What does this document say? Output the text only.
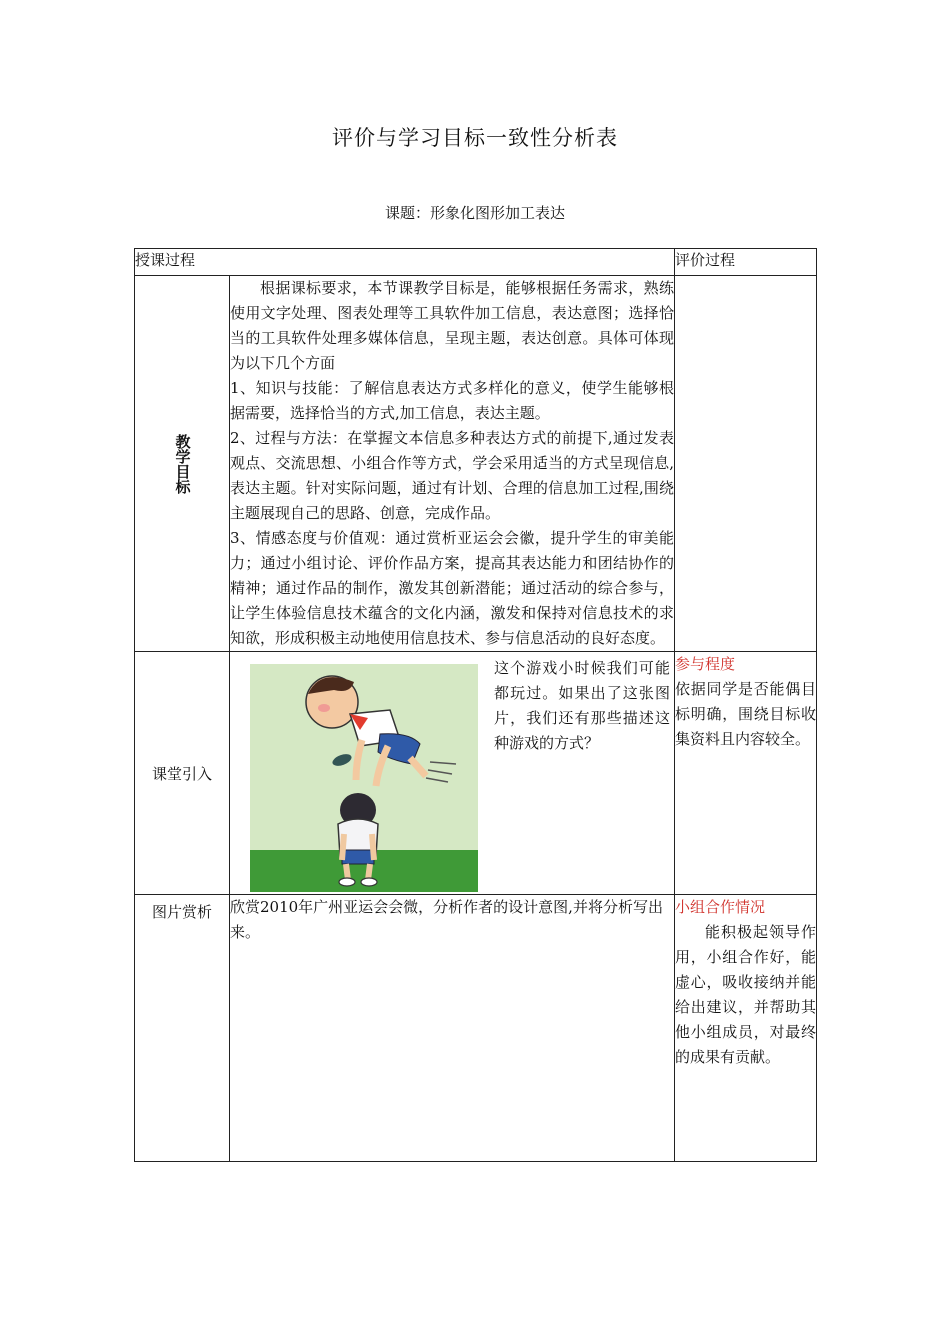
评价与学习目标一致性分析表
课题：形象化图形加工表达
授课过程		评价过程

教学目标	根据课标要求，本节课教学目标是，能够根据任务需求，熟练使用文字处理、图表处理等工具软件加工信息，表达意图；选择恰当的工具软件处理多媒体信息，呈现主题，表达创意。具体可体现为以下几个方面

1、知识与技能：了解信息表达方式多样化的意义，使学生能够根据需要，选择恰当的方式,加工信息，表达主题。

2、过程与方法：在掌握文本信息多种表达方式的前提下,通过发表观点、交流思想、小组合作等方式，学会采用适当的方式呈现信息,表达主题。针对实际问题，通过有计划、合理的信息加工过程,围绕主题展现自己的思路、创意，完成作品。

3、情感态度与价值观：通过赏析亚运会会徽，提升学生的审美能力；通过小组讨论、评价作品方案，提高其表达能力和团结协作的精神；通过作品的制作，激发其创新潜能；通过活动的综合参与，让学生体验信息技术蕴含的文化内涵，激发和保持对信息技术的求知欲，形成积极主动地使用信息技术、参与信息活动的良好态度。	

课堂引入	这个游戏小时候我们可能都玩过。如果出了这张图片，我们还有那些描述这种游戏的方式？	参与程度
依据同学是否能偶目标明确，围绕目标收集资料且内容较全。

图片赏析	欣赏2010年广州亚运会会微，分析作者的设计意图,并将分析写出来。	小组合作情况
能积极起领导作用，小组合作好，能虚心，吸收接纳并能给出建议，并帮助其他小组成员，对最终的成果有贡献。
